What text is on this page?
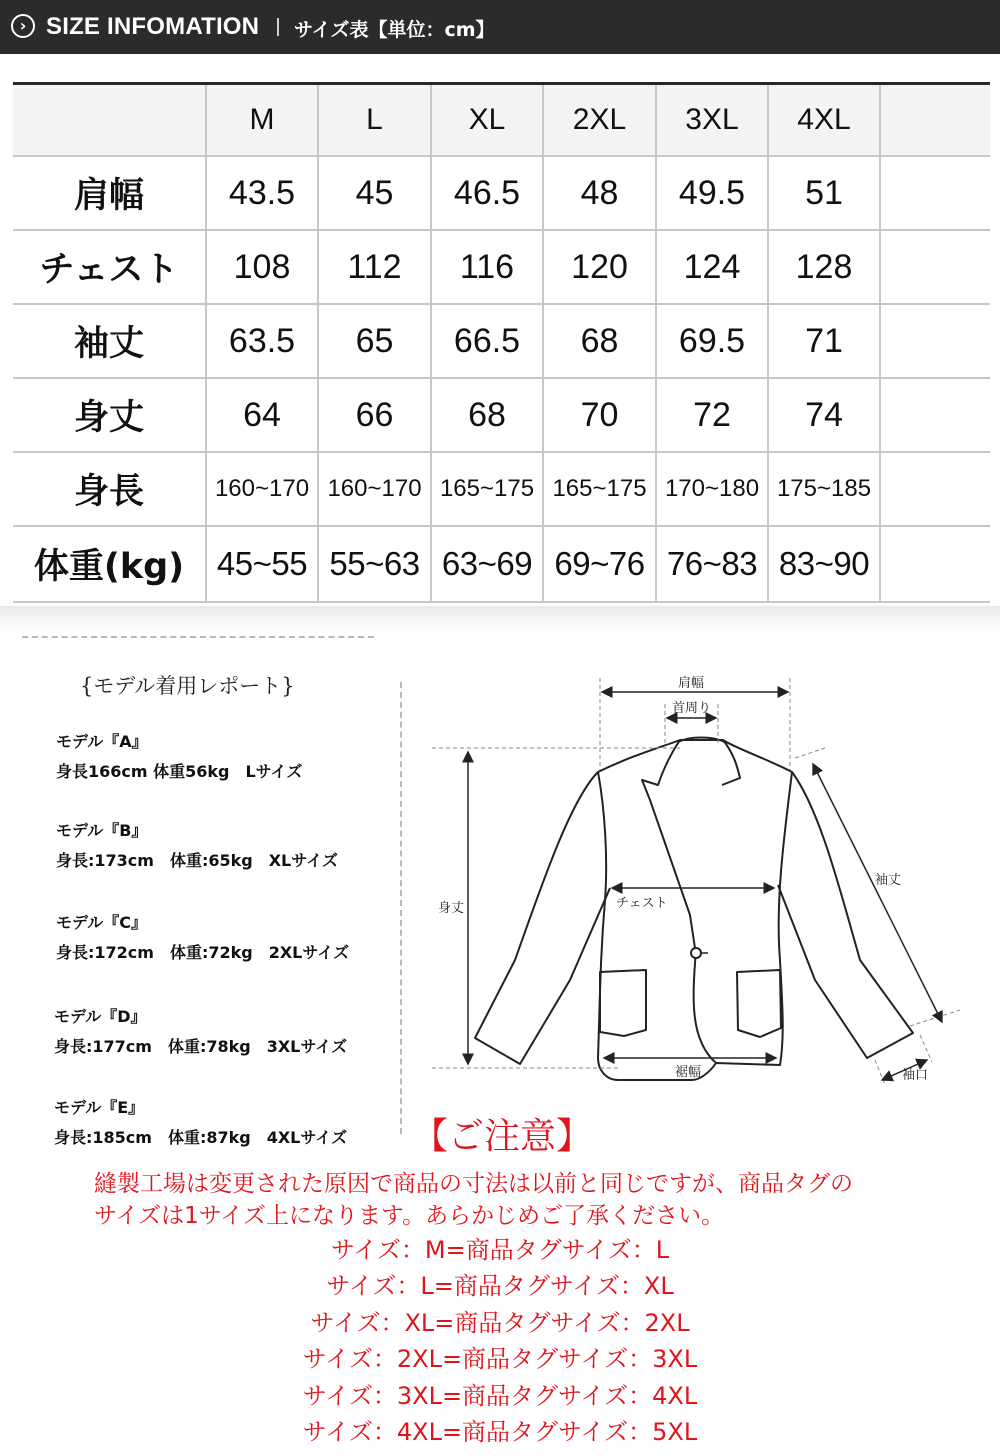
› SIZE INFOMATION サイズ表【単位：cm】
	M	L	XL	2XL	3XL	4XL	
肩幅	43.5	45	46.5	48	49.5	51	
チェスト	108	112	116	120	124	128	
袖丈	63.5	65	66.5	68	69.5	71	
身丈	64	66	68	70	72	74	
身長	160~170	160~170	165~175	165~175	170~180	175~185	
体重(kg)	45~55	55~63	63~69	69~76	76~83	83~90	
{モデル着用レポート}
モデル『A』
身長166cm 体重56kg　Lサイズ
モデル『B』
身長:173cm　体重:65kg　XLサイズ
モデル『C』
身長:172cm　体重:72kg　2XLサイズ
モデル『D』
身長:177cm　体重:78kg　3XLサイズ
モデル『E』
身長:185cm　体重:87kg　4XLサイズ
肩幅
首周り
袖丈
身丈	チェスト
裾幅	袖口
【ご注意】
縫製工場は変更された原因で商品の寸法は以前と同じですが、商品タグの
サイズは1サイズ上になります。あらかじめご了承ください。
サイズ：M=商品タグサイズ：L
サイズ：L=商品タグサイズ：XL
サイズ：XL=商品タグサイズ：2XL
サイズ：2XL=商品タグサイズ：3XL
サイズ：3XL=商品タグサイズ：4XL
サイズ：4XL=商品タグサイズ：5XL
